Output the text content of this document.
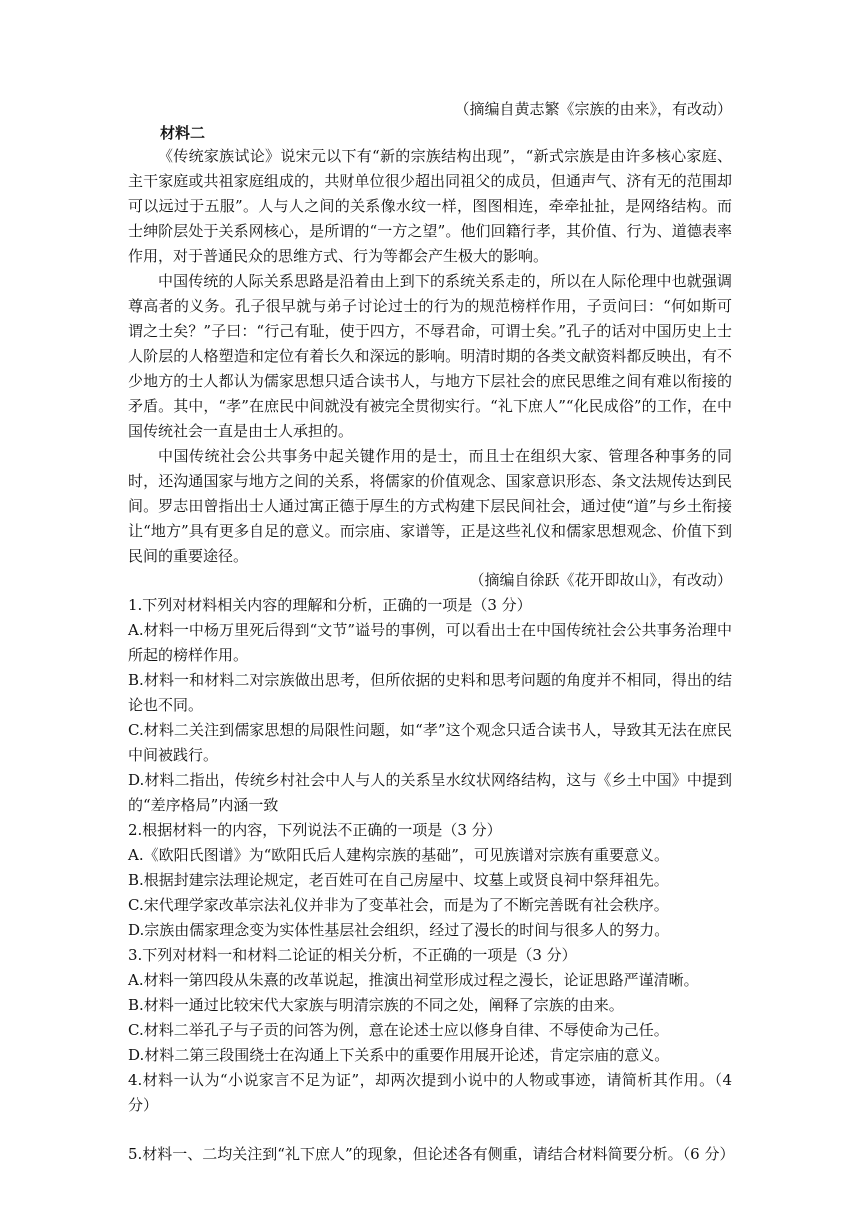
（摘编自黄志繁《宗族的由来》，有改动）

材料二

《传统家族试论》说宋元以下有“新的宗族结构出现”，“新式宗族是由许多核心家庭、主干家庭或共祖家庭组成的，共财单位很少超出同祖父的成员，但通声气、济有无的范围却可以远过于五服”。人与人之间的关系像水纹一样，图图相连，牵牵扯扯，是网络结构。而士绅阶层处于关系网核心，是所谓的“一方之望”。他们回籍行孝，其价值、行为、道德表率作用，对于普通民众的思维方式、行为等都会产生极大的影响。

中国传统的人际关系思路是沿着由上到下的系统关系走的，所以在人际伦理中也就强调尊高者的义务。孔子很早就与弟子讨论过士的行为的规范榜样作用，子贡问曰：“何如斯可谓之士矣？”子曰：“行己有耻，使于四方，不辱君命，可谓士矣。”孔子的话对中国历史上士人阶层的人格塑造和定位有着长久和深远的影响。明清时期的各类文献资料都反映出，有不少地方的士人都认为儒家思想只适合读书人，与地方下层社会的庶民思维之间有难以衔接的矛盾。其中，“孝”在庶民中间就没有被完全贯彻实行。“礼下庶人”“化民成俗”的工作，在中国传统社会一直是由士人承担的。

中国传统社会公共事务中起关键作用的是士，而且士在组织大家、管理各种事务的同时，还沟通国家与地方之间的关系，将儒家的价值观念、国家意识形态、条文法规传达到民间。罗志田曾指出士人通过寓正德于厚生的方式构建下层民间社会，通过使“道”与乡土衔接让“地方”具有更多自足的意义。而宗庙、家谱等，正是这些礼仪和儒家思想观念、价值下到民间的重要途径。

（摘编自徐跃《花开即故山》，有改动）

1.下列对材料相关内容的理解和分析，正确的一项是（3 分）

A.材料一中杨万里死后得到“文节”谥号的事例，可以看出士在中国传统社会公共事务治理中所起的榜样作用。

B.材料一和材料二对宗族做出思考，但所依据的史料和思考问题的角度并不相同，得出的结论也不同。

C.材料二关注到儒家思想的局限性问题，如“孝”这个观念只适合读书人，导致其无法在庶民中间被践行。

D.材料二指出，传统乡村社会中人与人的关系呈水纹状网络结构，这与《乡土中国》中提到的“差序格局”内涵一致

2.根据材料一的内容，下列说法不正确的一项是（3 分）

A.《欧阳氏图谱》为“欧阳氏后人建构宗族的基础”，可见族谱对宗族有重要意义。

B.根据封建宗法理论规定，老百姓可在自己房屋中、坟墓上或贤良祠中祭拜祖先。

C.宋代理学家改革宗法礼仪并非为了变革社会，而是为了不断完善既有社会秩序。

D.宗族由儒家理念变为实体性基层社会组织，经过了漫长的时间与很多人的努力。

3.下列对材料一和材料二论证的相关分析，不正确的一项是（3 分）

A.材料一第四段从朱熹的改革说起，推演出祠堂形成过程之漫长，论证思路严谨清晰。

B.材料一通过比较宋代大家族与明清宗族的不同之处，阐释了宗族的由来。

C.材料二举孔子与子贡的问答为例，意在论述士应以修身自律、不辱使命为己任。

D.材料二第三段围绕士在沟通上下关系中的重要作用展开论述，肯定宗庙的意义。

4.材料一认为“小说家言不足为证”，却两次提到小说中的人物或事迹，请简析其作用。（4 分）

5.材料一、二均关注到“礼下庶人”的现象，但论述各有侧重，请结合材料简要分析。（6 分）
